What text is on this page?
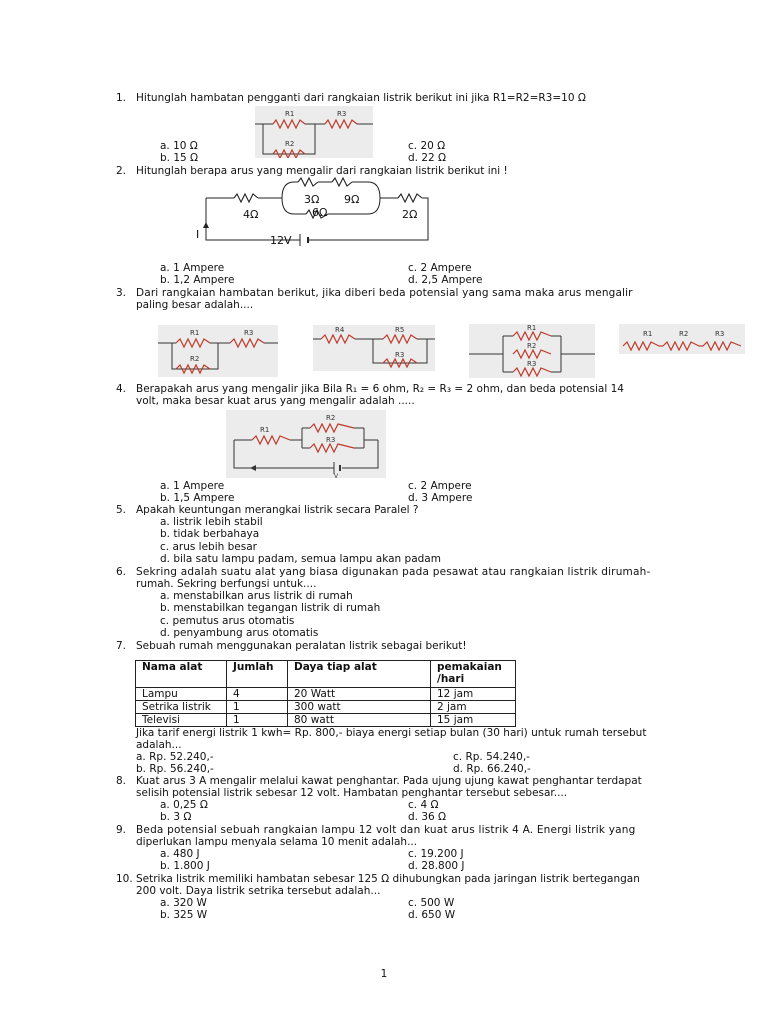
1. Hitunglah hambatan pengganti dari rangkaian listrik berikut ini jika R1=R2=R3=10 Ω
R1	R3
R2
a. 10 Ω
b. 15 Ω
c. 20 Ω
d. 22 Ω
2. Hitunglah berapa arus yang mengalir dari rangkaian listrik berikut ini !
4Ω
3Ω 9Ω
6Ω	2Ω
I	12V
a. 1 Ampere
b. 1,2 Ampere
c. 2 Ampere
d. 2,5 Ampere
3. Dari rangkaian hambatan berikut, jika diberi beda potensial yang sama maka arus mengalir
paling besar adalah....
R1	R3
R2
R4	R5
R3
R1
R2
R3
R1	R2	R3
4. Berapakah arus yang mengalir jika Bila R₁ = 6 ohm, R₂ = R₃ = 2 ohm, dan beda potensial 14
volt, maka besar kuat arus yang mengalir adalah .....
R1
R2
R3
V
a. 1 Ampere
b. 1,5 Ampere
c. 2 Ampere
d. 3 Ampere
5. Apakah keuntungan merangkai listrik secara Paralel ?
a. listrik lebih stabil
b. tidak berbahaya
c. arus lebih besar
d. bila satu lampu padam, semua lampu akan padam
6. Sekring adalah suatu alat yang biasa digunakan pada pesawat atau rangkaian listrik dirumah-
rumah. Sekring berfungsi untuk....
a. menstabilkan arus listrik di rumah
b. menstabilkan tegangan listrik di rumah
c. pemutus arus otomatis
d. penyambung arus otomatis
7. Sebuah rumah menggunakan peralatan listrik sebagai berikut!
Nama alat	Jumlah	Daya tiap alat	pemakaian /hari
Lampu	4	20 Watt	12 jam
Setrika listrik	1	300 watt	2 jam
Televisi	1	80 watt	15 jam
Jika tarif energi listrik 1 kwh= Rp. 800,- biaya energi setiap bulan (30 hari) untuk rumah tersebut
adalah...
a. Rp. 52.240,-
b. Rp. 56.240,-
c. Rp. 54.240,-
d. Rp. 66.240,-
8. Kuat arus 3 A mengalir melalui kawat penghantar. Pada ujung ujung kawat penghantar terdapat
selisih potensial listrik sebesar 12 volt. Hambatan penghantar tersebut sebesar....
a. 0,25 Ω
b. 3 Ω
c. 4 Ω
d. 36 Ω
9. Beda potensial sebuah rangkaian lampu 12 volt dan kuat arus listrik 4 A. Energi listrik yang
diperlukan lampu menyala selama 10 menit adalah...
a. 480 J
b. 1.800 J
c. 19.200 J
d. 28.800 J
10. Setrika listrik memiliki hambatan sebesar 125 Ω dihubungkan pada jaringan listrik bertegangan
200 volt. Daya listrik setrika tersebut adalah...
a. 320 W
b. 325 W
c. 500 W
d. 650 W
1
